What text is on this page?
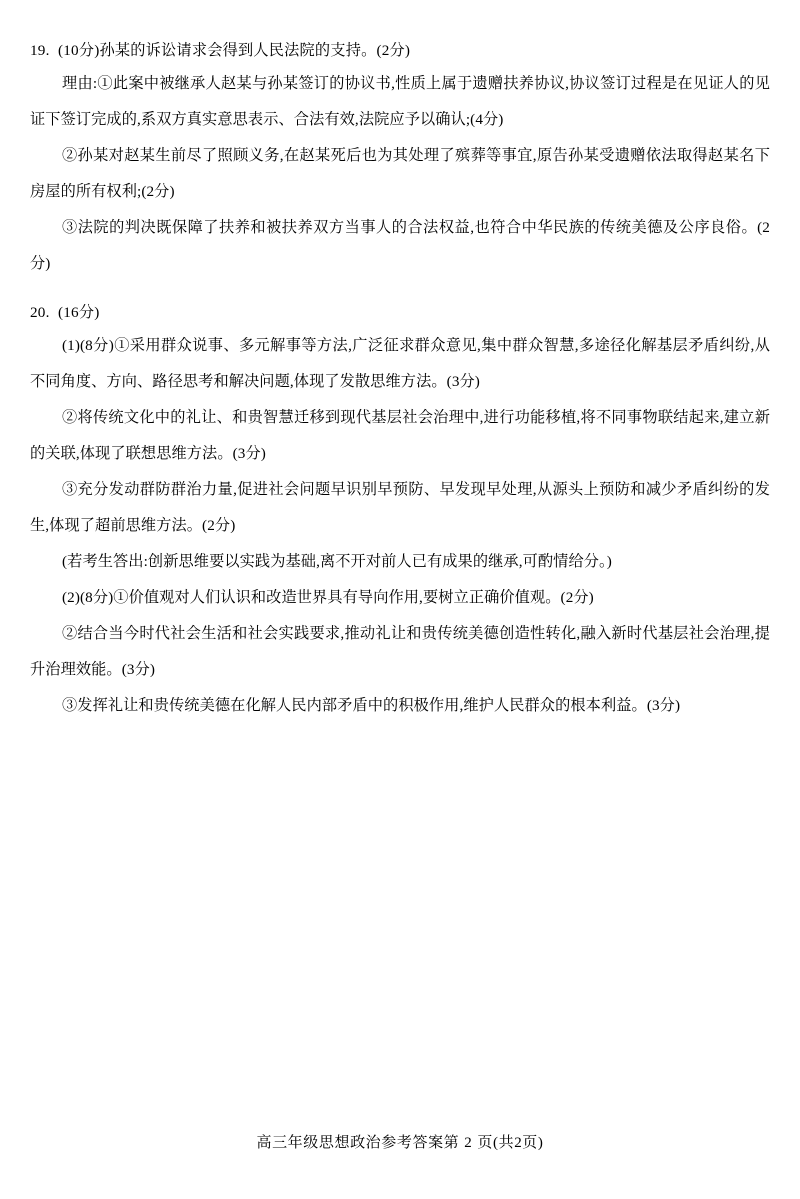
19. (10分)孙某的诉讼请求会得到人民法院的支持。(2分)
理由:①此案中被继承人赵某与孙某签订的协议书,性质上属于遗赠扶养协议,协议签订过程是在见证人的见证下签订完成的,系双方真实意思表示、合法有效,法院应予以确认;(4分)
②孙某对赵某生前尽了照顾义务,在赵某死后也为其处理了殡葬等事宜,原告孙某受遗赠依法取得赵某名下房屋的所有权利;(2分)
③法院的判决既保障了扶养和被扶养双方当事人的合法权益,也符合中华民族的传统美德及公序良俗。(2分)
20. (16分)
(1)(8分)①采用群众说事、多元解事等方法,广泛征求群众意见,集中群众智慧,多途径化解基层矛盾纠纷,从不同角度、方向、路径思考和解决问题,体现了发散思维方法。(3分)
②将传统文化中的礼让、和贵智慧迁移到现代基层社会治理中,进行功能移植,将不同事物联结起来,建立新的关联,体现了联想思维方法。(3分)
③充分发动群防群治力量,促进社会问题早识别早预防、早发现早处理,从源头上预防和减少矛盾纠纷的发生,体现了超前思维方法。(2分)
(若考生答出:创新思维要以实践为基础,离不开对前人已有成果的继承,可酌情给分。)
(2)(8分)①价值观对人们认识和改造世界具有导向作用,要树立正确价值观。(2分)
②结合当今时代社会生活和社会实践要求,推动礼让和贵传统美德创造性转化,融入新时代基层社会治理,提升治理效能。(3分)
③发挥礼让和贵传统美德在化解人民内部矛盾中的积极作用,维护人民群众的根本利益。(3分)
高三年级思想政治参考答案第 2 页(共2页)
